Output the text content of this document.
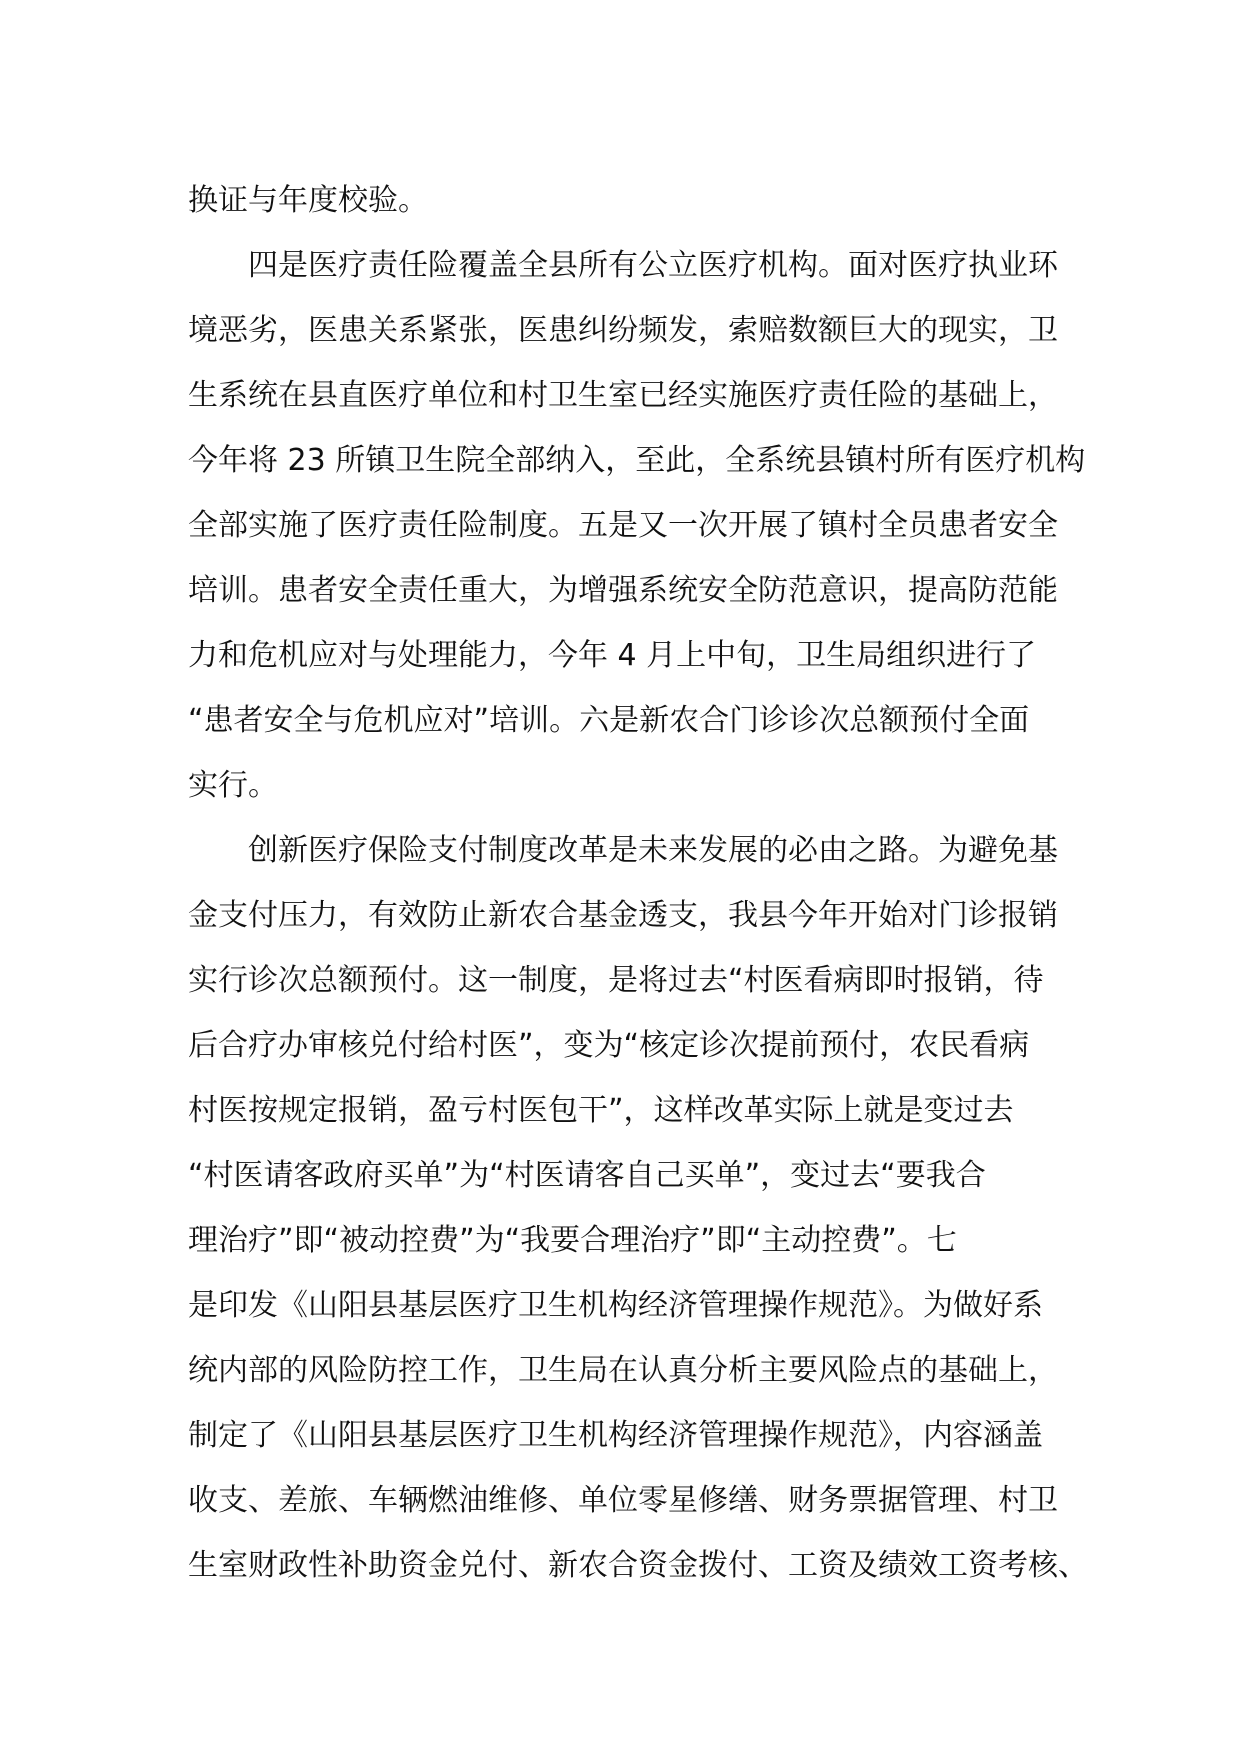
换证与年度校验。
四是医疗责任险覆盖全县所有公立医疗机构。面对医疗执业环
境恶劣，医患关系紧张，医患纠纷频发，索赔数额巨大的现实，卫
生系统在县直医疗单位和村卫生室已经实施医疗责任险的基础上，
今年将 23 所镇卫生院全部纳入，至此，全系统县镇村所有医疗机构
全部实施了医疗责任险制度。五是又一次开展了镇村全员患者安全
培训。患者安全责任重大，为增强系统安全防范意识，提高防范能
力和危机应对与处理能力，今年 4 月上中旬，卫生局组织进行了
“患者安全与危机应对”培训。六是新农合门诊诊次总额预付全面
实行。
创新医疗保险支付制度改革是未来发展的必由之路。为避免基
金支付压力，有效防止新农合基金透支，我县今年开始对门诊报销
实行诊次总额预付。这一制度，是将过去“村医看病即时报销，待
后合疗办审核兑付给村医”，变为“核定诊次提前预付，农民看病
村医按规定报销，盈亏村医包干”，这样改革实际上就是变过去
“村医请客政府买单”为“村医请客自己买单”，变过去“要我合
理治疗”即“被动控费”为“我要合理治疗”即“主动控费”。七
是印发《山阳县基层医疗卫生机构经济管理操作规范》。为做好系
统内部的风险防控工作，卫生局在认真分析主要风险点的基础上，
制定了《山阳县基层医疗卫生机构经济管理操作规范》，内容涵盖
收支、差旅、车辆燃油维修、单位零星修缮、财务票据管理、村卫
生室财政性补助资金兑付、新农合资金拨付、工资及绩效工资考核、
